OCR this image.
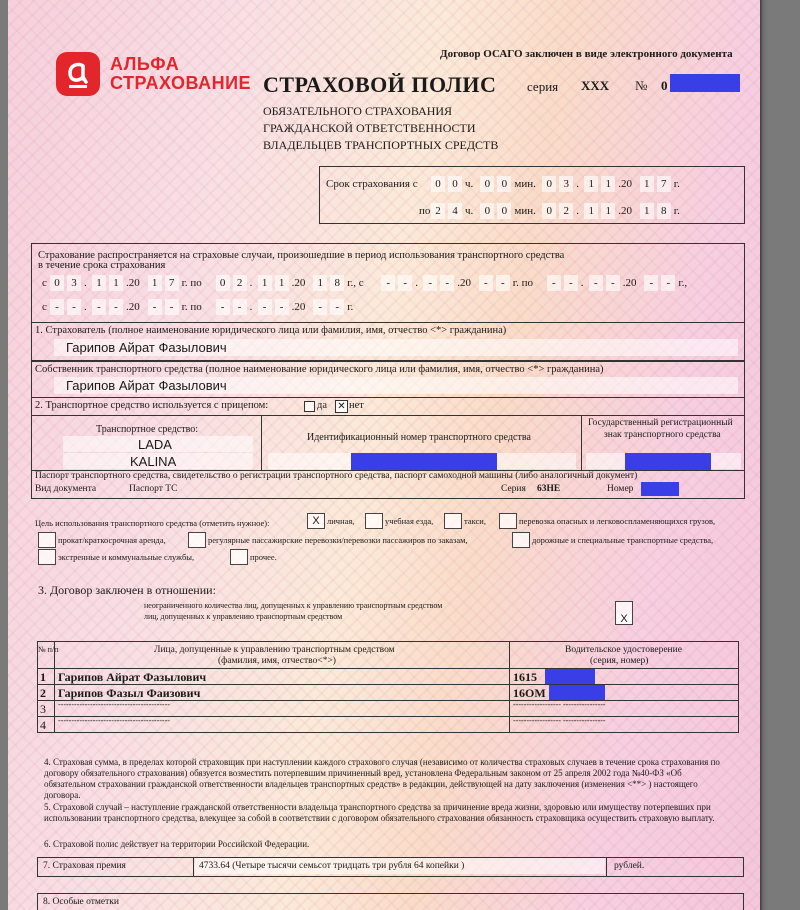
АЛЬФА
СТРАХОВАНИЕ
Договор ОСАГО заключен в виде электронного документа
СТРАХОВОЙ ПОЛИС серия ХХХ № 0
ОБЯЗАТЕЛЬНОГО СТРАХОВАНИЯ
ГРАЖДАНСКОЙ ОТВЕТСТВЕННОСТИ
ВЛАДЕЛЬЦЕВ ТРАНСПОРТНЫХ СРЕДСТВ
Срок страхования с
по
0	0 ч.	0	0 мин. 0	3 . 1	1 .20	1	7 г.
2	4 ч.	0	0 мин. 0	2 . 1	1 .20	1	8 г.
Страхование распространяется на страховые случаи, произошедшие в период использования транспортного средства
в течение срока страхования
с 0	3 . 1	1 .20	1	7 г. по	0	2 . 1	1 .20	1	8 г., с	-	- . -	- .20	-	- г. по	-	- . -	- .20	-	- г.,
с -	- . -	- .20	-	- г. по	-	- . -	- .20	-	- г.
1. Страхователь (полное наименование юридического лица или фамилия, имя, отчество <*> гражданина)
Гарипов Айрат Фазылович
Собственник транспортного средства (полное наименование юридического лица или фамилия, имя, отчество <*> гражданина)
Гарипов Айрат Фазылович
2. Транспортное средство используется с прицепом:	да ✕ нет
Транспортное средство:
LADA
KALINA
Идентификационный номер транспортного средства
Государственный регистрационный
знак транспортного средства
Паспорт транспортного средства, свидетельство о регистрации транспортного средства, паспорт самоходной машины (либо аналогичный документ)
Вид документа	Паспорт ТС	Серия 63НЕ	Номер
Цель использования транспортного средства (отметить нужное):	X личная,	учебная езда,	такси,	перевозка опасных и легковоспламеняющихся грузов,
прокат/краткосрочная аренда,	регулярные пассажирские перевозки/перевозки пассажиров по заказам,	дорожные и специальные транспортные средства,
экстренные и коммунальные службы,	прочее.
3. Договор заключен в отношении:
неограниченного количества лиц, допущенных к управлению транспортным средством
лиц, допущенных к управлению транспортным средством	X
№ п/п	Лица, допущенные к управлению транспортным средством
(фамилия, имя, отчество<*>)
Водительское удостоверение
(серия, номер)
1 Гарипов Айрат Фазылович	1615
2 Гарипов Фазыл Фаизович	16ОМ
3 ------------------------------------------	------------------ ----------------
4 ------------------------------------------	------------------ ----------------
4. Страховая сумма, в пределах которой страховщик при наступлении каждого страхового случая (независимо от количества страховых случаев в течение срока страхования по договору обязательного страхования) обязуется возместить потерпевшим причиненный вред, установлена Федеральным законом от 25 апреля 2002 года №40-ФЗ «Об обязательном страховании гражданской ответственности владельцев транспортных средств» в редакции, действующей на дату заключения (изменения <**> ) настоящего договора.
5. Страховой случай – наступление гражданской ответственности владельца транспортного средства за причинение вреда жизни, здоровью или имуществу потерпевших при использовании транспортного средства, влекущее за собой в соответствии с договором обязательного страхования обязанность страховщика осуществить страховую выплату.
6. Страховой полис действует на территории Российской Федерации.
7. Страховая премия	4733.64 (Четыре тысячи семьсот тридцать три рубля 64 копейки )	рублей.
8. Особые отметки
